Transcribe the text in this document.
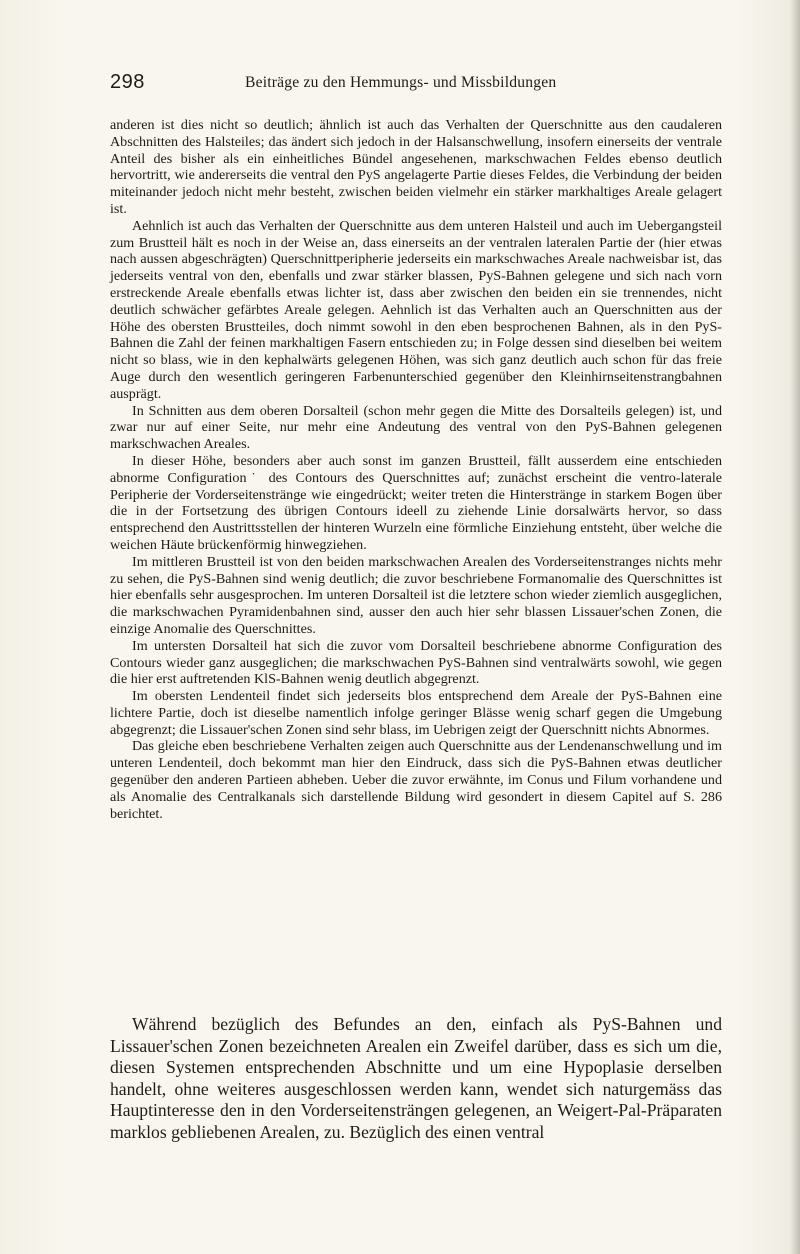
298	Beiträge zu den Hemmungs- und Missbildungen

anderen ist dies nicht so deutlich; ähnlich ist auch das Verhalten der Querschnitte aus den caudaleren Abschnitten des Halsteiles; das ändert sich jedoch in der Halsanschwellung, insofern einerseits der ventrale Anteil des bisher als ein einheitliches Bündel angesehenen, markschwachen Feldes ebenso deutlich hervortritt, wie andererseits die ventral den PyS angelagerte Partie dieses Feldes, die Verbindung der beiden miteinander jedoch nicht mehr besteht, zwischen beiden vielmehr ein stärker markhaltiges Areale gelagert ist.

Aehnlich ist auch das Verhalten der Querschnitte aus dem unteren Halsteil und auch im Uebergangsteil zum Brustteil hält es noch in der Weise an, dass einerseits an der ventralen lateralen Partie der (hier etwas nach aussen abgeschrägten) Querschnittperipherie jederseits ein markschwaches Areale nachweisbar ist, das jederseits ventral von den, ebenfalls und zwar stärker blassen, PyS-Bahnen gelegene und sich nach vorn erstreckende Areale ebenfalls etwas lichter ist, dass aber zwischen den beiden ein sie trennendes, nicht deutlich schwächer gefärbtes Areale gelegen. Aehnlich ist das Verhalten auch an Querschnitten aus der Höhe des obersten Brustteiles, doch nimmt sowohl in den eben besprochenen Bahnen, als in den PyS-Bahnen die Zahl der feinen markhaltigen Fasern entschieden zu; in Folge dessen sind dieselben bei weitem nicht so blass, wie in den kephalwärts gelegenen Höhen, was sich ganz deutlich auch schon für das freie Auge durch den wesentlich geringeren Farbenunterschied gegenüber den Kleinhirnseitenstrangbahnen ausprägt.

In Schnitten aus dem oberen Dorsalteil (schon mehr gegen die Mitte des Dorsalteils gelegen) ist, und zwar nur auf einer Seite, nur mehr eine Andeutung des ventral von den PyS-Bahnen gelegenen markschwachen Areales.

In dieser Höhe, besonders aber auch sonst im ganzen Brustteil, fällt ausserdem eine entschieden abnorme Configuration˙ des Contours des Querschnittes auf; zunächst erscheint die ventro-laterale Peripherie der Vorderseitenstränge wie eingedrückt; weiter treten die Hinterstränge in starkem Bogen über die in der Fortsetzung des übrigen Contours ideell zu ziehende Linie dorsalwärts hervor, so dass entsprechend den Austrittsstellen der hinteren Wurzeln eine förmliche Einziehung entsteht, über welche die weichen Häute brückenförmig hinwegziehen.

Im mittleren Brustteil ist von den beiden markschwachen Arealen des Vorderseitenstranges nichts mehr zu sehen, die PyS-Bahnen sind wenig deutlich; die zuvor beschriebene Formanomalie des Querschnittes ist hier ebenfalls sehr ausgesprochen. Im unteren Dorsalteil ist die letztere schon wieder ziemlich ausgeglichen, die markschwachen Pyramidenbahnen sind, ausser den auch hier sehr blassen Lissauer'schen Zonen, die einzige Anomalie des Querschnittes.

Im untersten Dorsalteil hat sich die zuvor vom Dorsalteil beschriebene abnorme Configuration des Contours wieder ganz ausgeglichen; die markschwachen PyS-Bahnen sind ventralwärts sowohl, wie gegen die hier erst auftretenden KlS-Bahnen wenig deutlich abgegrenzt.

Im obersten Lendenteil findet sich jederseits blos entsprechend dem Areale der PyS-Bahnen eine lichtere Partie, doch ist dieselbe namentlich infolge geringer Blässe wenig scharf gegen die Umgebung abgegrenzt; die Lissauer'schen Zonen sind sehr blass, im Uebrigen zeigt der Querschnitt nichts Abnormes.

Das gleiche eben beschriebene Verhalten zeigen auch Querschnitte aus der Lendenanschwellung und im unteren Lendenteil, doch bekommt man hier den Eindruck, dass sich die PyS-Bahnen etwas deutlicher gegenüber den anderen Partieen abheben. Ueber die zuvor erwähnte, im Conus und Filum vorhandene und als Anomalie des Centralkanals sich darstellende Bildung wird gesondert in diesem Capitel auf S. 286 berichtet.

Während bezüglich des Befundes an den, einfach als PyS-Bahnen und Lissauer'schen Zonen bezeichneten Arealen ein Zweifel darüber, dass es sich um die, diesen Systemen entsprechenden Abschnitte und um eine Hypoplasie derselben handelt, ohne weiteres ausgeschlossen werden kann, wendet sich naturgemäss das Hauptinteresse den in den Vorderseitensträngen gelegenen, an Weigert-Pal-Präparaten marklos gebliebenen Arealen, zu. Bezüglich des einen ventral
